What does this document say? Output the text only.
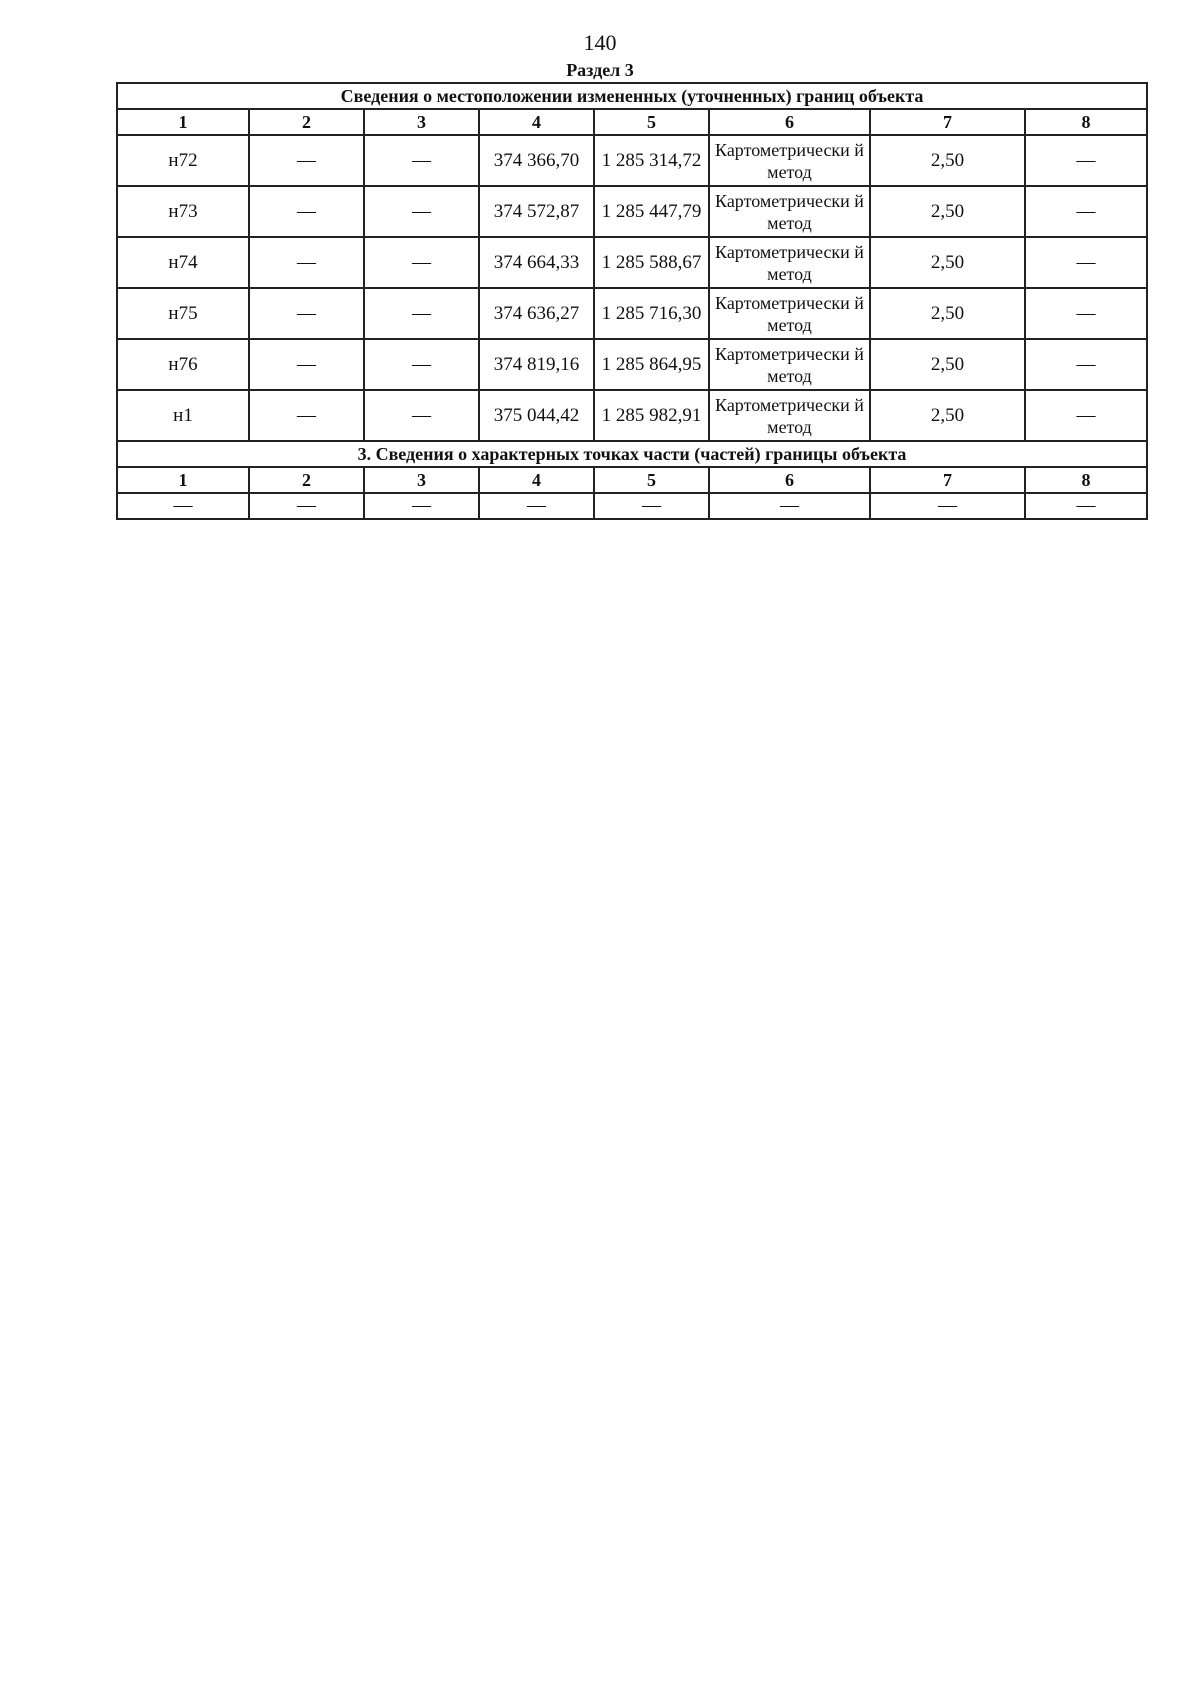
140
Раздел 3
Сведения о местоположении измененных (уточненных) границ объекта							
1	2	3	4	5	6	7	8
н72	—	—	374 366,70	1 285 314,72	Картометрически й метод	2,50	—
н73	—	—	374 572,87	1 285 447,79	Картометрически й метод	2,50	—
н74	—	—	374 664,33	1 285 588,67	Картометрически й метод	2,50	—
н75	—	—	374 636,27	1 285 716,30	Картометрически й метод	2,50	—
н76	—	—	374 819,16	1 285 864,95	Картометрически й метод	2,50	—
н1	—	—	375 044,42	1 285 982,91	Картометрически й метод	2,50	—
3. Сведения о характерных точках части (частей) границы объекта							
1	2	3	4	5	6	7	8
—	—	—	—	—	—	—	—
